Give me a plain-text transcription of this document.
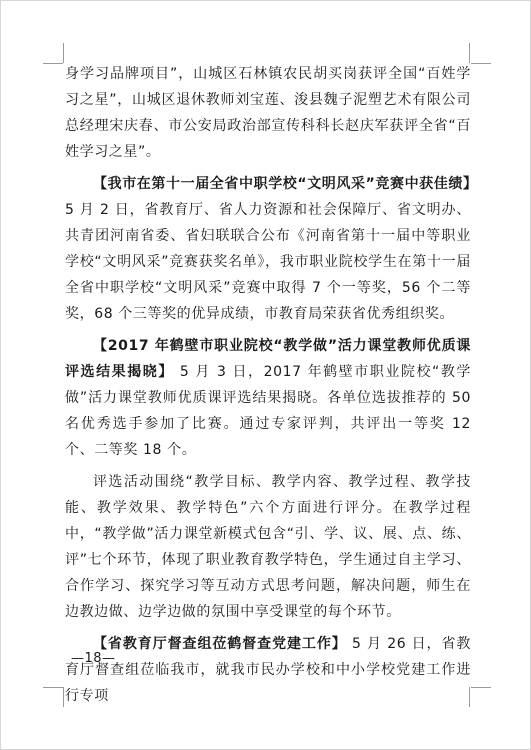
身学习品牌项目”，山城区石林镇农民胡买岗获评全国“百姓学习之星”，山城区退休教师刘宝莲、浚县魏子泥塑艺术有限公司总经理宋庆春、市公安局政治部宣传科科长赵庆军获评全省“百姓学习之星”。

【我市在第十一届全省中职学校“文明风采”竞赛中获佳绩】5 月 2 日，省教育厅、省人力资源和社会保障厅、省文明办、共青团河南省委、省妇联联合公布《河南省第十一届中等职业学校“文明风采”竞赛获奖名单》，我市职业院校学生在第十一届全省中职学校“文明风采”竞赛中取得 7 个一等奖，56 个二等奖，68 个三等奖的优异成绩，市教育局荣获省优秀组织奖。

【2017 年鹤壁市职业院校“教学做”活力课堂教师优质课评选结果揭晓】 5 月 3 日，2017 年鹤壁市职业院校“教学做”活力课堂教师优质课评选结果揭晓。各单位选拔推荐的 50 名优秀选手参加了比赛。通过专家评判，共评出一等奖 12 个、二等奖 18 个。

评选活动围绕“教学目标、教学内容、教学过程、教学技能、教学效果、教学特色”六个方面进行评分。在教学过程中，“教学做”活力课堂新模式包含“引、学、议、展、点、练、评”七个环节，体现了职业教育教学特色，学生通过自主学习、合作学习、探究学习等互动方式思考问题，解决问题，师生在边教边做、边学边做的氛围中享受课堂的每个环节。

【省教育厅督查组莅鹤督查党建工作】 5 月 26 日，省教育厅督查组莅临我市，就我市民办学校和中小学校党建工作进行专项

—18—
